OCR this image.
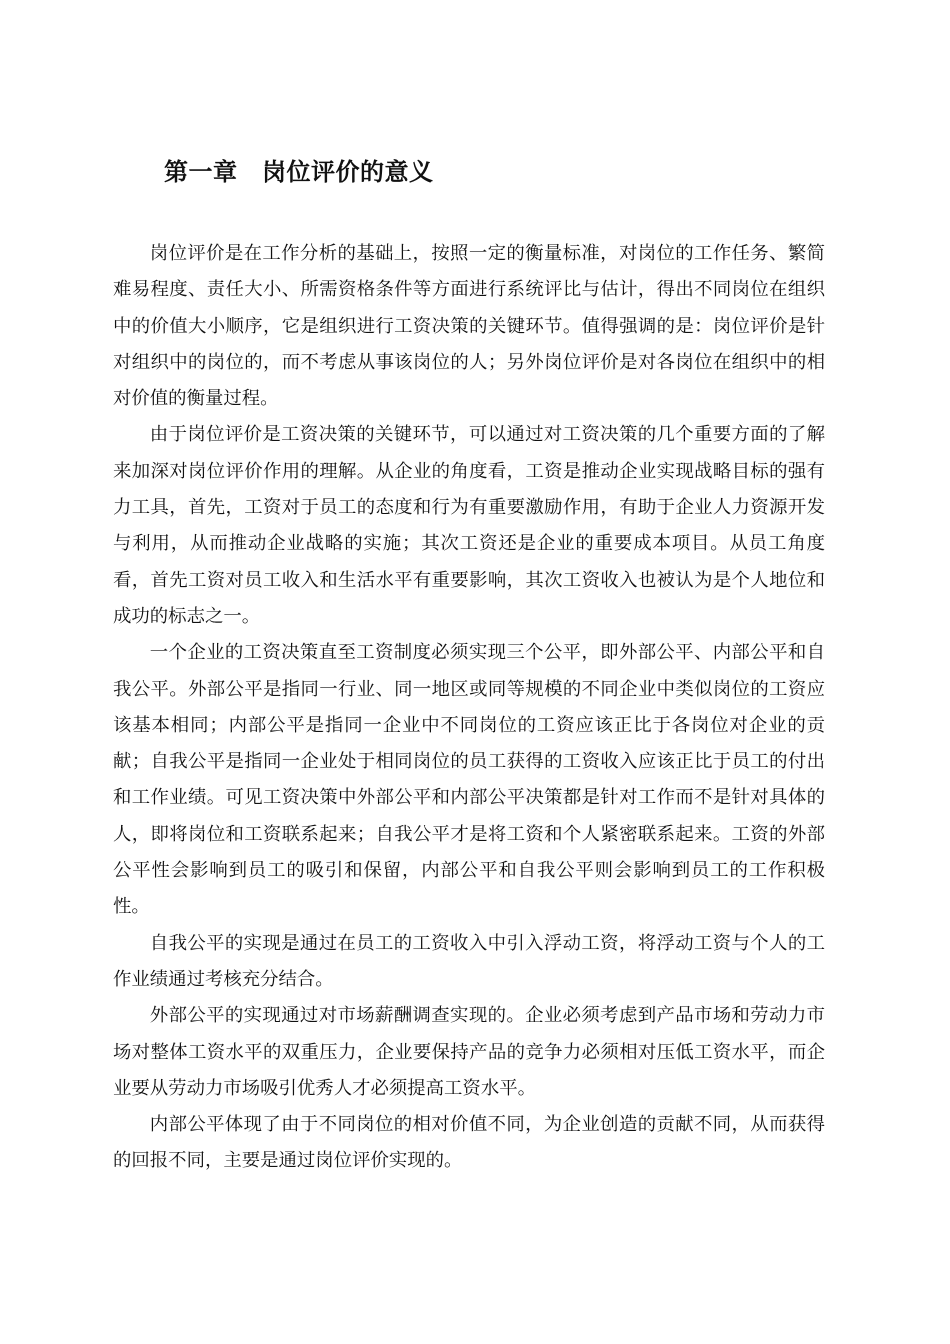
第一章　岗位评价的意义

岗位评价是在工作分析的基础上，按照一定的衡量标准，对岗位的工作任务、繁简难易程度、责任大小、所需资格条件等方面进行系统评比与估计，得出不同岗位在组织中的价值大小顺序，它是组织进行工资决策的关键环节。值得强调的是：岗位评价是针对组织中的岗位的，而不考虑从事该岗位的人；另外岗位评价是对各岗位在组织中的相对价值的衡量过程。

由于岗位评价是工资决策的关键环节，可以通过对工资决策的几个重要方面的了解来加深对岗位评价作用的理解。从企业的角度看，工资是推动企业实现战略目标的强有力工具，首先，工资对于员工的态度和行为有重要激励作用，有助于企业人力资源开发与利用，从而推动企业战略的实施；其次工资还是企业的重要成本项目。从员工角度看，首先工资对员工收入和生活水平有重要影响，其次工资收入也被认为是个人地位和成功的标志之一。

一个企业的工资决策直至工资制度必须实现三个公平，即外部公平、内部公平和自我公平。外部公平是指同一行业、同一地区或同等规模的不同企业中类似岗位的工资应该基本相同；内部公平是指同一企业中不同岗位的工资应该正比于各岗位对企业的贡献；自我公平是指同一企业处于相同岗位的员工获得的工资收入应该正比于员工的付出和工作业绩。可见工资决策中外部公平和内部公平决策都是针对工作而不是针对具体的人，即将岗位和工资联系起来；自我公平才是将工资和个人紧密联系起来。工资的外部公平性会影响到员工的吸引和保留，内部公平和自我公平则会影响到员工的工作积极性。

自我公平的实现是通过在员工的工资收入中引入浮动工资，将浮动工资与个人的工作业绩通过考核充分结合。

外部公平的实现通过对市场薪酬调查实现的。企业必须考虑到产品市场和劳动力市场对整体工资水平的双重压力，企业要保持产品的竞争力必须相对压低工资水平，而企业要从劳动力市场吸引优秀人才必须提高工资水平。

内部公平体现了由于不同岗位的相对价值不同，为企业创造的贡献不同，从而获得的回报不同，主要是通过岗位评价实现的。
